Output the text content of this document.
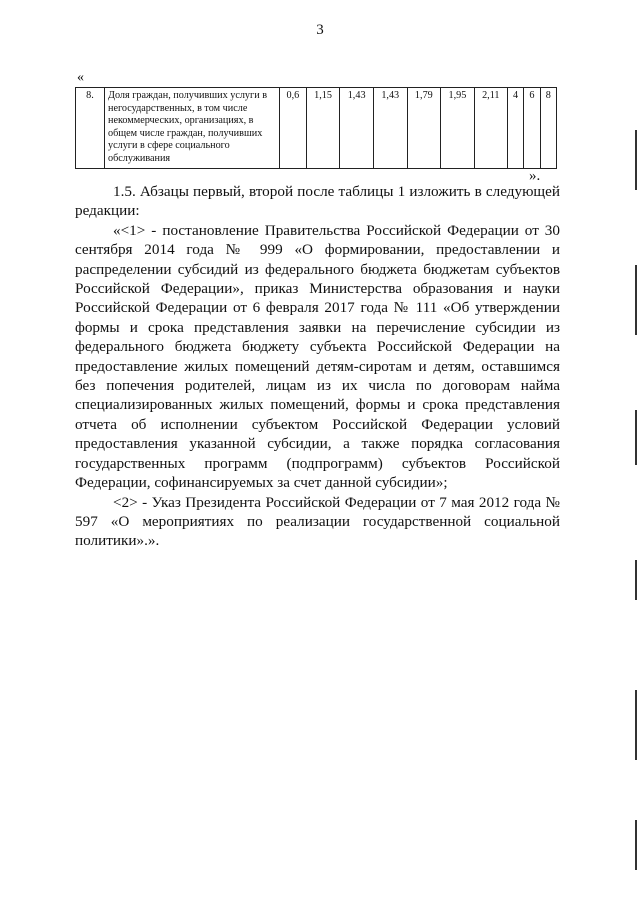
3
«
8.	Доля граждан, получивших услуги в негосударственных, в том числе некоммерческих, организациях, в общем числе граждан, получивших услуги в сфере социального обслуживания	0,6	1,15	1,43	1,43	1,79	1,95	2,11	4	6	8
».

1.5. Абзацы первый, второй после таблицы 1 изложить в следующей редакции:

«<1> - постановление Правительства Российской Федерации от 30 сентября 2014 года № 999 «О формировании, предоставлении и распределении субсидий из федерального бюджета бюджетам субъектов Российской Федерации», приказ Министерства образования и науки Российской Федерации от 6 февраля 2017 года № 111 «Об утверждении формы и срока представления заявки на перечисление субсидии из федерального бюджета бюджету субъекта Российской Федерации на предоставление жилых помещений детям-сиротам и детям, оставшимся без попечения родителей, лицам из их числа по договорам найма специализированных жилых помещений, формы и срока представления отчета об исполнении субъектом Российской Федерации условий предоставления указанной субсидии, а также порядка согласования государственных программ (подпрограмм) субъектов Российской Федерации, софинансируемых за счет данной субсидии»;

<2> - Указ Президента Российской Федерации от 7 мая 2012 года № 597 «О мероприятиях по реализации государственной социальной политики».».
